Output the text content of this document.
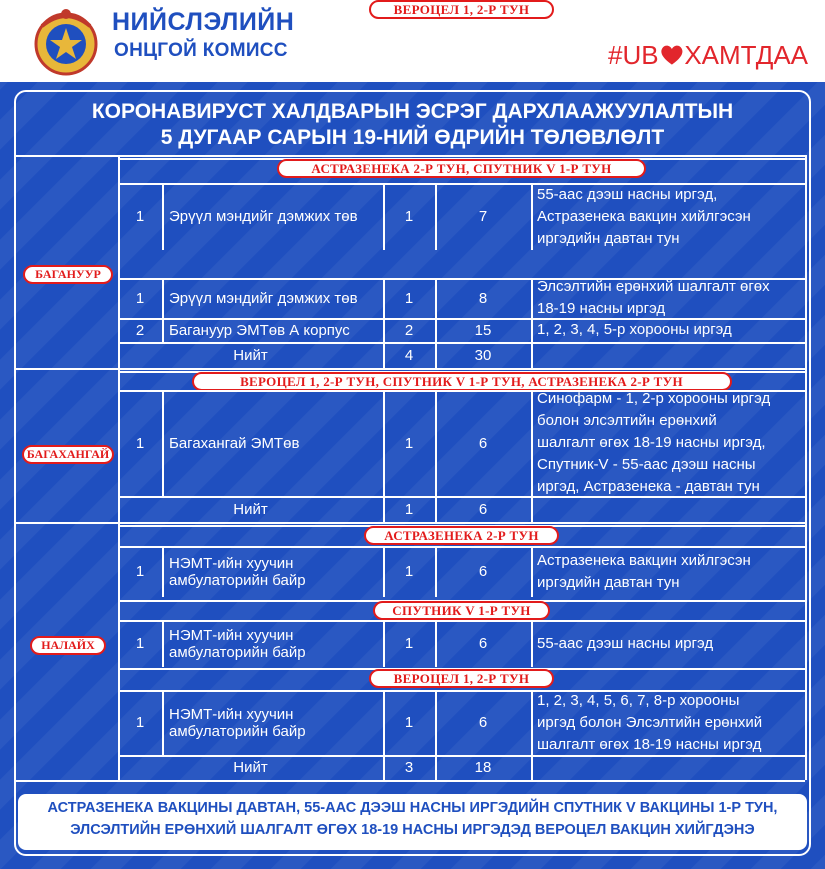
НИЙСЛЭЛИЙН
ОНЦГОЙ КОМИСС	#UB ХАМТДАА
КОРОНАВИРУСТ ХАЛДВАРЫН ЭСРЭГ ДАРХЛААЖУУЛАЛТЫН
5 ДУГААР САРЫН 19-НИЙ ӨДРИЙН ТӨЛӨВЛӨЛТ
БАГАНУУР
АСТРАЗЕНЕКА 2-Р ТУН, СПУТНИК V 1-Р ТУН
1	Эрүүл мэндийг дэмжих төв	1	7
55-аас дээш насны иргэд,
Астразенека вакцин хийлгэсэн
иргэдийн давтан тун
ВЕРОЦЕЛ 1, 2-Р ТУН
1	Эрүүл мэндийг дэмжих төв	1	8
Элсэлтийн ерөнхий шалгалт өгөх
18-19 насны иргэд
2	Багануур ЭМТөв А корпус	2	15	1, 2, 3, 4, 5-р хорооны иргэд
Нийт	4	30
БАГАХАНГАЙ
ВЕРОЦЕЛ 1, 2-Р ТУН, СПУТНИК V 1-Р ТУН, АСТРАЗЕНЕКА 2-Р ТУН
1	Багахангай ЭМТөв	1	6
Синофарм - 1, 2-р хорооны иргэд
болон элсэлтийн ерөнхий
шалгалт өгөх 18-19 насны иргэд,
Спутник-V - 55-аас дээш насны
иргэд, Астразенека - давтан тун
Нийт	1	6
НАЛАЙХ
АСТРАЗЕНЕКА 2-Р ТУН
1	НЭМТ-ийн хуучин
амбулаторийн байр	1	6
Астразенека вакцин хийлгэсэн
иргэдийн давтан тун
СПУТНИК V 1-Р ТУН
1	НЭМТ-ийн хуучин
амбулаторийн байр	1	6	55-аас дээш насны иргэд
ВЕРОЦЕЛ 1, 2-Р ТУН
1	НЭМТ-ийн хуучин
амбулаторийн байр	1	6
1, 2, 3, 4, 5, 6, 7, 8-р хорооны
иргэд болон Элсэлтийн ерөнхий
шалгалт өгөх 18-19 насны иргэд
Нийт	3	18
АСТРАЗЕНЕКА ВАКЦИНЫ ДАВТАН, 55-ААС ДЭЭШ НАСНЫ ИРГЭДИЙН СПУТНИК V ВАКЦИНЫ 1-Р ТУН,
ЭЛСЭЛТИЙН ЕРӨНХИЙ ШАЛГАЛТ ӨГӨХ 18-19 НАСНЫ ИРГЭДЭД ВЕРОЦЕЛ ВАКЦИН ХИЙГДЭНЭ
